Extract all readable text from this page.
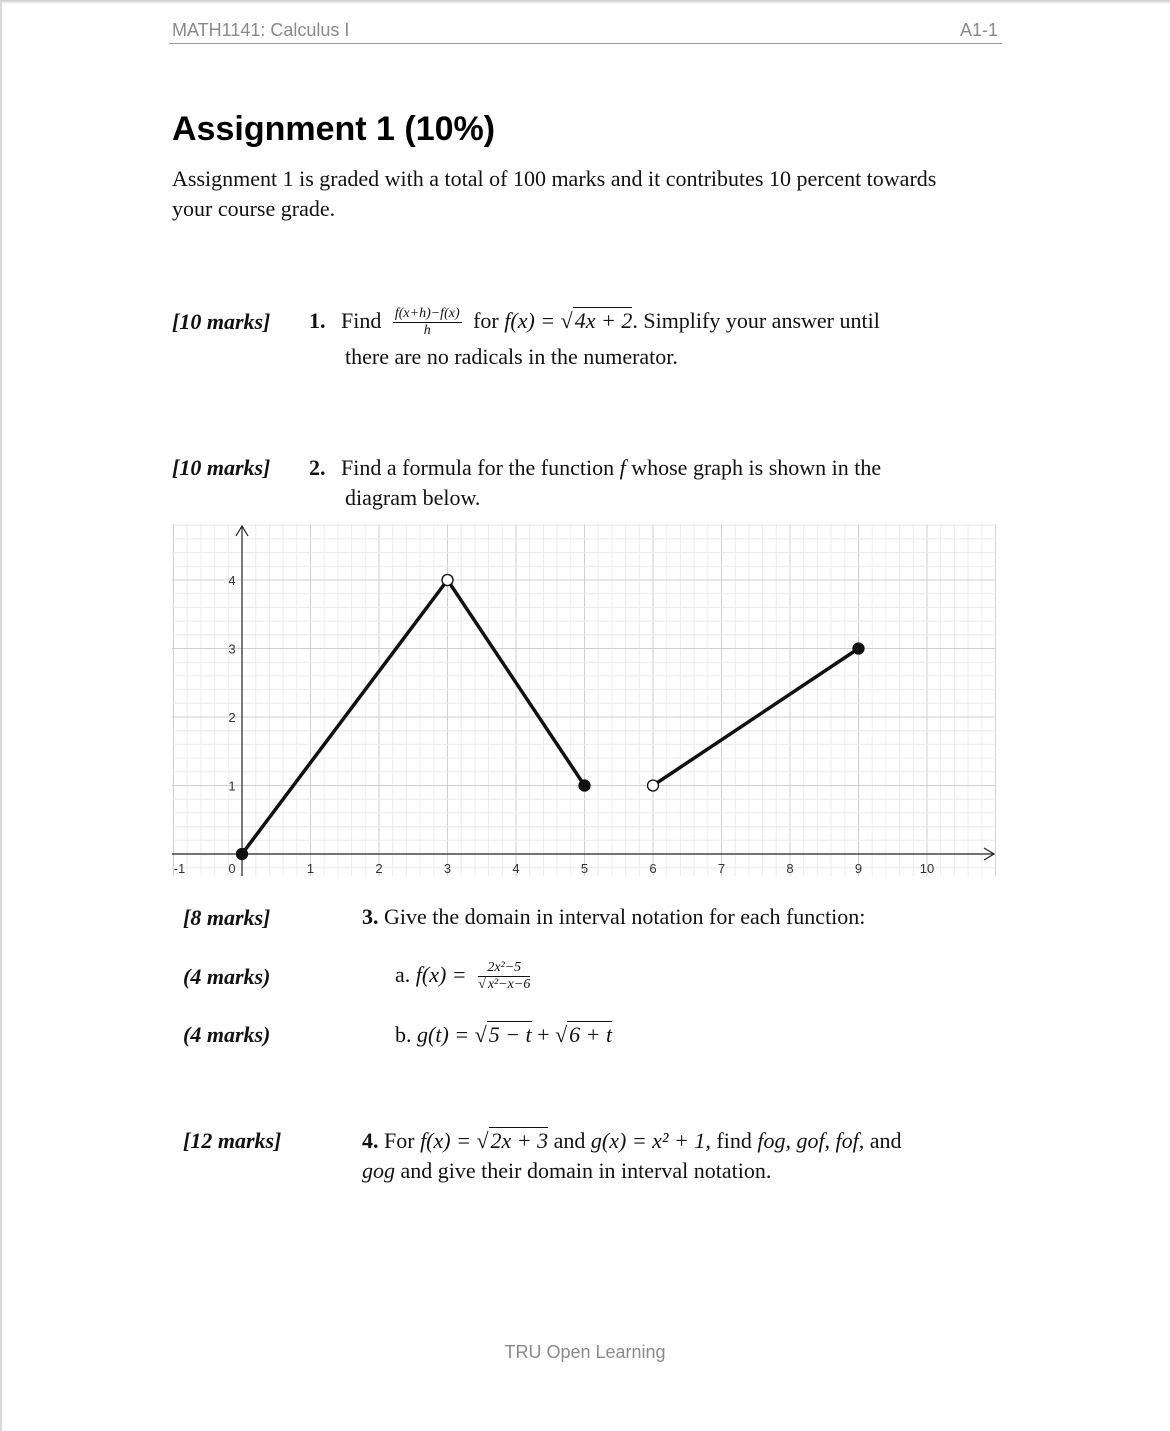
MATH1141: Calculus I	A1-1
Assignment 1 (10%)
Assignment 1 is graded with a total of 100 marks and it contributes 10 percent towards your course grade.
[10 marks] 1. Find $\frac{f(x+h)-f(x)}{h}$ for f(x) = √4x + 2. Simplify your answer until
there are no radicals in the numerator.
[10 marks] 2. Find a formula for the function f whose graph is shown in the
diagram below.
-1	0	1	2	3	4	5	6	7	8	9	10
1
2
3
4
[8 marks]	3. Give the domain in interval notation for each function:
(4 marks)	a. $f(x) = \frac{\text{2x²−5}}{\text{√ x²−x−6}}$
(4 marks)	b. g(t) = √5 − t + √6 + t
[12 marks]	4. For f(x) = √2x + 3 and g(x) = x² + 1, find fog, gof, fof, and
gog and give their domain in interval notation.
TRU Open Learning
